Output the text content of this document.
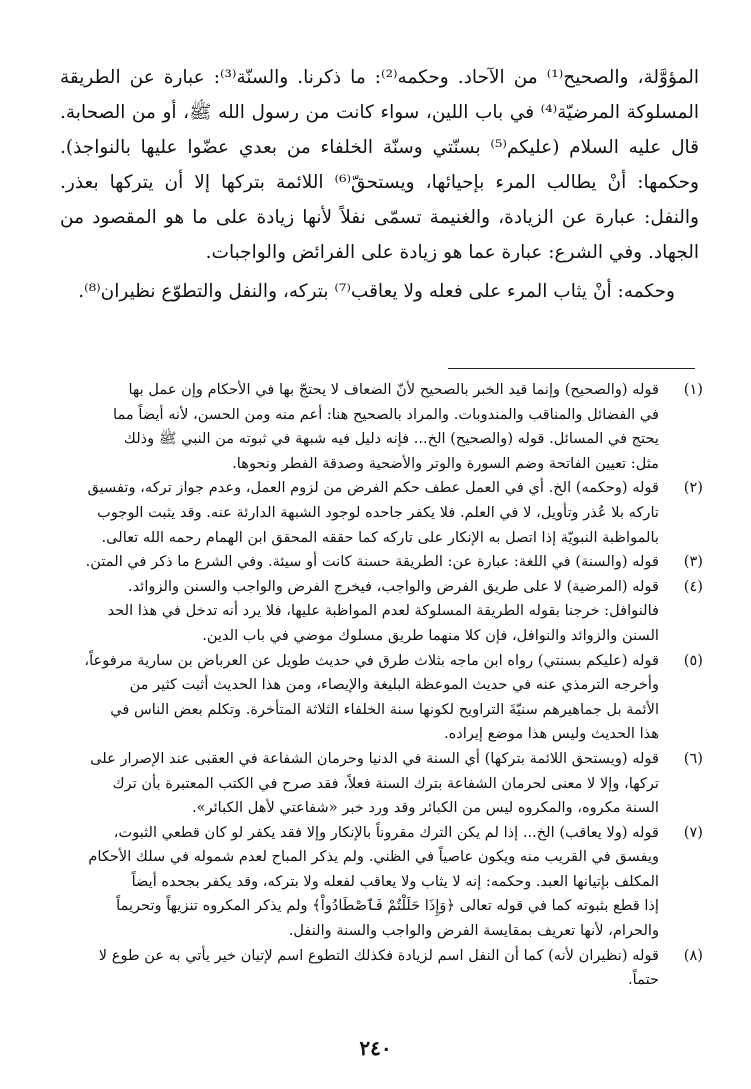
المؤوَّلة، والصحيح⁽¹⁾ من الآحاد. وحكمه⁽²⁾: ما ذكرنا. والسنّة⁽³⁾: عبارة عن الطريقة المسلوكة المرضيّة⁽⁴⁾ في باب اللين، سواء كانت من رسول الله ﷺ، أو من الصحابة. قال عليه السلام (عليكم⁽⁵⁾ بسنّتي وسنّة الخلفاء من بعدي عضّوا عليها بالنواجذ). وحكمها: أنْ يطالب المرء بإحيائها، ويستحقّ⁽⁶⁾ اللائمة بتركها إلا أن يتركها بعذر. والنفل: عبارة عن الزيادة، والغنيمة تسمّى نفلاً لأنها زيادة على ما هو المقصود من الجهاد. وفي الشرع: عبارة عما هو زيادة على الفرائض والواجبات.

وحكمه: أنْ يثاب المرء على فعله ولا يعاقب⁽⁷⁾ بتركه، والنفل والتطوّع نظيران⁽⁸⁾.

(١)
قوله (والصحيح) وإنما قيد الخبر بالصحيح لأنّ الضعاف لا يحتجّ بها في الأحكام وإن عمل بها
في الفضائل والمناقب والمندوبات. والمراد بالصحيح هنا: أعم منه ومن الحسن، لأنه أيضاً مما
يحتج في المسائل. قوله (والصحيح) الخ... فإنه دليل فيه شبهة في ثبوته من النبي ﷺ وذلك
مثل: تعيين الفاتحة وضم السورة والوتر والأضحية وصدقة الفطر ونحوها.
(٢)
قوله (وحكمه) الخ. أي في العمل عطف حكم الفرض من لزوم العمل، وعدم جواز تركه، وتفسيق
تاركه بلا عُذر وتأويل، لا في العلم. فلا يكفر جاحده لوجود الشبهة الدارئة عنه. وقد يثبت الوجوب
بالمواظبة النبويّة إذا اتصل به الإنكار على تاركه كما حققه المحقق ابن الهمام رحمه الله تعالى.
(٣)
قوله (والسنة) في اللغة: عبارة عن: الطريقة حسنة كانت أو سيئة. وفي الشرع ما ذكر في المتن.
(٤)
قوله (المرضية) لا على طريق الفرض والواجب، فيخرج الفرض والواجب والسنن والزوائد.
فالنوافل: خرجنا بقوله الطريقة المسلوكة لعدم المواظبة عليها، فلا يرد أنه تدخل في هذا الحد
السنن والزوائد والنوافل، فإن كلا منهما طريق مسلوك موضي في باب الدين.
(٥)
قوله (عليكم بسنتي) رواه ابن ماجه بثلاث طرق في حديث طويل عن العرباض بن سارية مرفوعاً،
وأخرجه الترمذي عنه في حديث الموعظة البليغة والإيصاء، ومن هذا الحديث أثبت كثير من
الأئمة بل جماهيرهم سنيّةَ التراويح لكونها سنة الخلفاء الثلاثة المتأخرة. وتكلم بعض الناس في
هذا الحديث وليس هذا موضع إيراده.
(٦)
قوله (ويستحق اللائمة بتركها) أي السنة في الدنيا وحرمان الشفاعة في العقبى عند الإصرار على
تركها، وإلا لا معنى لحرمان الشفاعة بترك السنة فعلاً، فقد صرح في الكتب المعتبرة بأن ترك
السنة مكروه، والمكروه ليس من الكبائر وقد ورد خبر «شفاعتي لأهل الكبائر».
(٧)
قوله (ولا يعاقب) الخ... إذا لم يكن الترك مقروناً بالإنكار وإلا فقد يكفر لو كان قطعي الثبوت،
ويفسق في القريب منه ويكون عاصياً في الظني. ولم يذكر المباح لعدم شموله في سلك الأحكام
المكلف بإتيانها العبد. وحكمه: إنه لا يثاب ولا يعاقب لفعله ولا بتركه، وقد يكفر بجحده أيضاً
إذا قطع بثبوته كما في قوله تعالى ﴿وَإِذَا حَلَلْتُمْ فَٱصْطَادُواْ﴾ ولم يذكر المكروه تنزيهاً وتحريماً
والحرام، لأنها تعريف بمقايسة الفرض والواجب والسنة والنفل.
(٨)
قوله (نظيران لأنه) كما أن النفل اسم لزيادة فكذلك التطوع اسم لإتيان خير يأتي به عن طوع لا
حتماً.
٢٤٠
